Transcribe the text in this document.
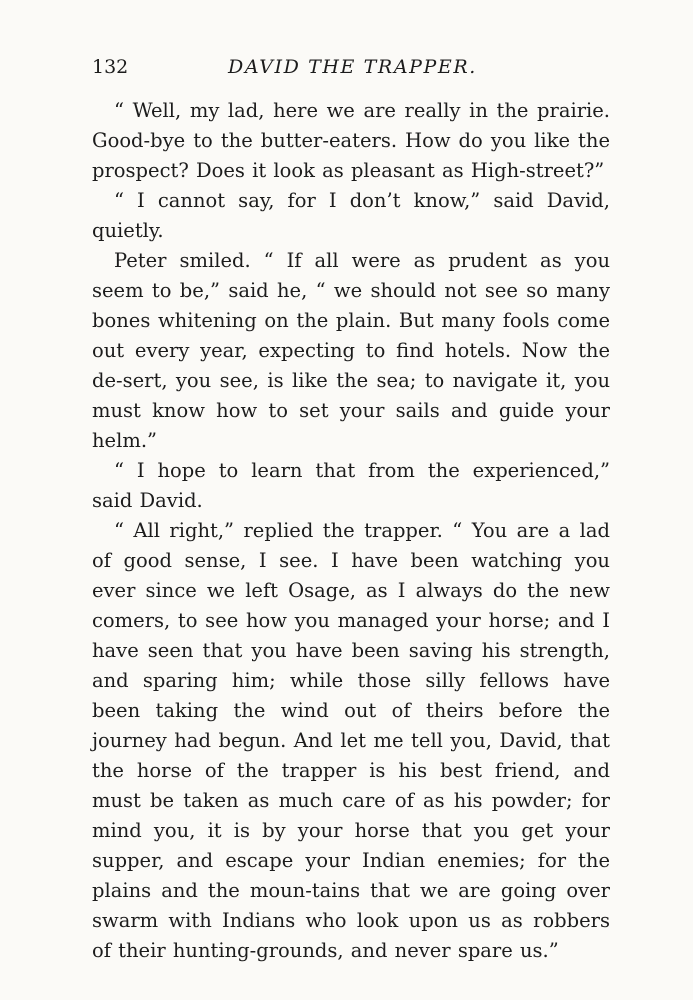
132	DAVID THE TRAPPER.

“ Well, my lad, here we are really in the prairie. Good-bye to the butter-eaters. How do you like the prospect? Does it look as pleasant as High-street?”

“ I cannot say, for I don’t know,” said David, quietly.

Peter smiled. “ If all were as prudent as you seem to be,” said he, “ we should not see so many bones whitening on the plain. But many fools come out every year, expecting to find hotels. Now the de-sert, you see, is like the sea; to navigate it, you must know how to set your sails and guide your helm.”

“ I hope to learn that from the experienced,” said David.

“ All right,” replied the trapper. “ You are a lad of good sense, I see. I have been watching you ever since we left Osage, as I always do the new comers, to see how you managed your horse; and I have seen that you have been saving his strength, and sparing him; while those silly fellows have been taking the wind out of theirs before the journey had begun. And let me tell you, David, that the horse of the trapper is his best friend, and must be taken as much care of as his powder; for mind you, it is by your horse that you get your supper, and escape your Indian enemies; for the plains and the moun-tains that we are going over swarm with Indians who look upon us as robbers of their hunting-grounds, and never spare us.”
